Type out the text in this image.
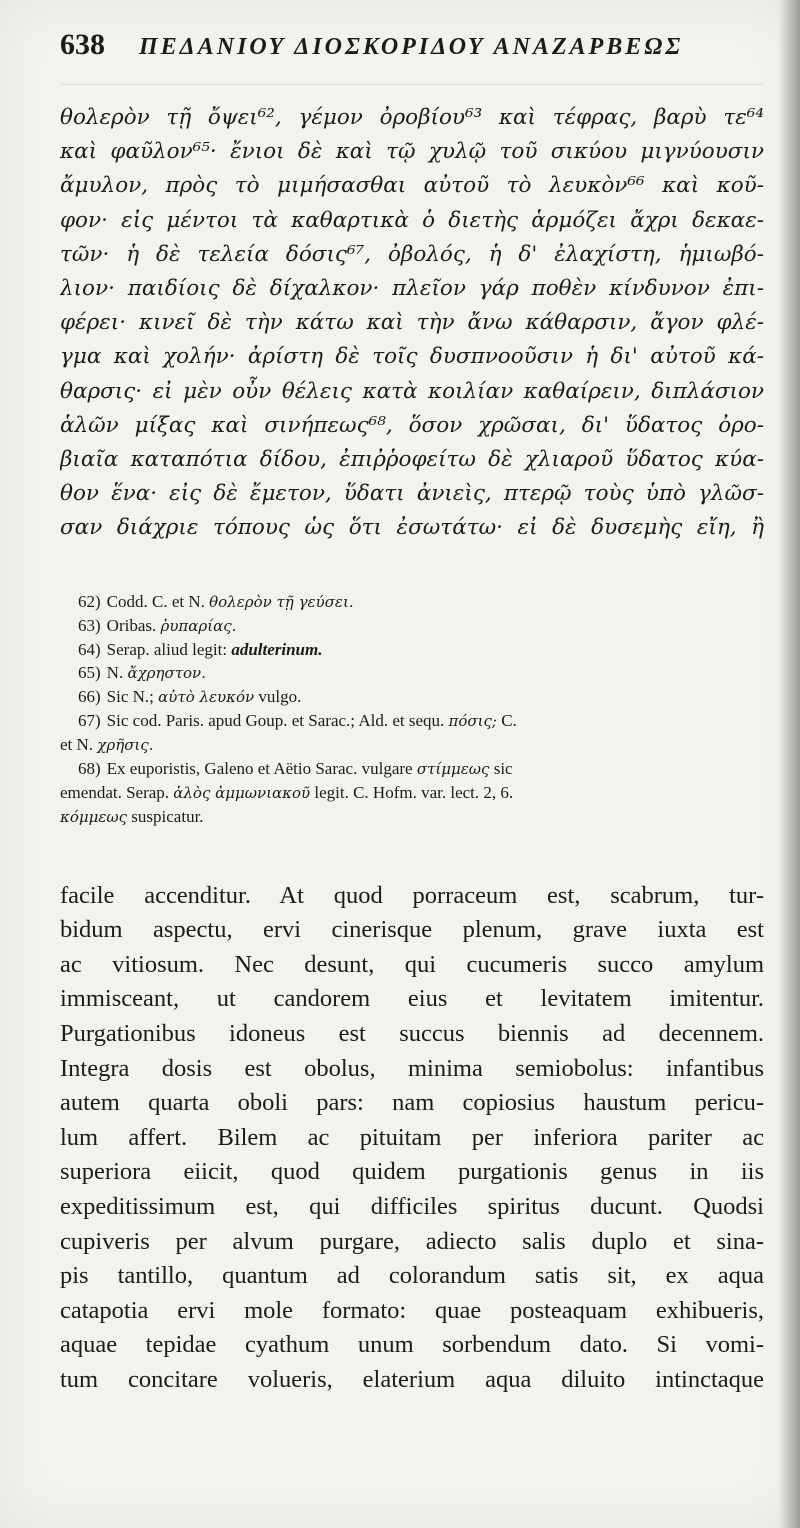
638 ΠΕΔΑΝΙΟΥ ΔΙΟΣΚΟΡΙΔΟΥ ΑΝΑΖΑΡΒΕΩΣ
θολερὸν τῇ ὄψει⁶², γέμον ὀροβίου⁶³ καὶ τέφρας, βαρὺ τε⁶⁴
καὶ φαῦλον⁶⁵· ἔνιοι δὲ καὶ τῷ χυλῷ τοῦ σικύου μιγνύουσιν
ἄμυλον, πρὸς τὸ μιμήσασθαι αὐτοῦ τὸ λευκὸν⁶⁶ καὶ κοῦ-
φον· εἰς μέντοι τὰ καθαρτικὰ ὁ διετὴς ἁρμόζει ἄχρι δεκαε-
τῶν· ἡ δὲ τελεία δόσις⁶⁷, ὀβολός, ἡ δ' ἐλαχίστη, ἡμιωβό-
λιον· παιδίοις δὲ δίχαλκον· πλεῖον γάρ ποθὲν κίνδυνον ἐπι-
φέρει· κινεῖ δὲ τὴν κάτω καὶ τὴν ἄνω κάθαρσιν, ἄγον φλέ-
γμα καὶ χολήν· ἀρίστη δὲ τοῖς δυσπνοοῦσιν ἡ δι' αὐτοῦ κά-
θαρσις· εἰ μὲν οὖν θέλεις κατὰ κοιλίαν καθαίρειν, διπλάσιον
ἁλῶν μίξας καὶ σινήπεως⁶⁸, ὅσον χρῶσαι, δι' ὕδατος ὀρο-
βιαῖα καταπότια δίδου, ἐπιῤῥοφείτω δὲ χλιαροῦ ὕδατος κύα-
θον ἕνα· εἰς δὲ ἔμετον, ὕδατι ἀνιεὶς, πτερῷ τοὺς ὑπὸ γλῶσ-
σαν διάχριε τόπους ὡς ὅτι ἐσωτάτω· εἰ δὲ δυσεμὴς εἴη, ἢ
62) Codd. C. et N. θολερὸν τῇ γεύσει.
63) Oribas. ῥυπαρίας.
64) Serap. aliud legit: adulterinum.
65) N. ἄχρηστον.
66) Sic N.; αὐτὸ λευκόν vulgo.
67) Sic cod. Paris. apud Goup. et Sarac.; Ald. et sequ. πόσις; C.
et N. χρῆσις.
68) Ex euporistis, Galeno et Aëtio Sarac. vulgare στίμμεως sic
emendat. Serap. ἁλὸς ἀμμωνιακοῦ legit. C. Hofm. var. lect. 2, 6.
κόμμεως suspicatur.
facile accenditur. At quod porraceum est, scabrum, tur-
bidum aspectu, ervi cinerisque plenum, grave iuxta est
ac vitiosum. Nec desunt, qui cucumeris succo amylum
immisceant, ut candorem eius et levitatem imitentur.
Purgationibus idoneus est succus biennis ad decennem.
Integra dosis est obolus, minima semiobolus: infantibus
autem quarta oboli pars: nam copiosius haustum pericu-
lum affert. Bilem ac pituitam per inferiora pariter ac
superiora eiicit, quod quidem purgationis genus in iis
expeditissimum est, qui difficiles spiritus ducunt. Quodsi
cupiveris per alvum purgare, adiecto salis duplo et sina-
pis tantillo, quantum ad colorandum satis sit, ex aqua
catapotia ervi mole formato: quae posteaquam exhibueris,
aquae tepidae cyathum unum sorbendum dato. Si vomi-
tum concitare volueris, elaterium aqua diluito intinctaque
